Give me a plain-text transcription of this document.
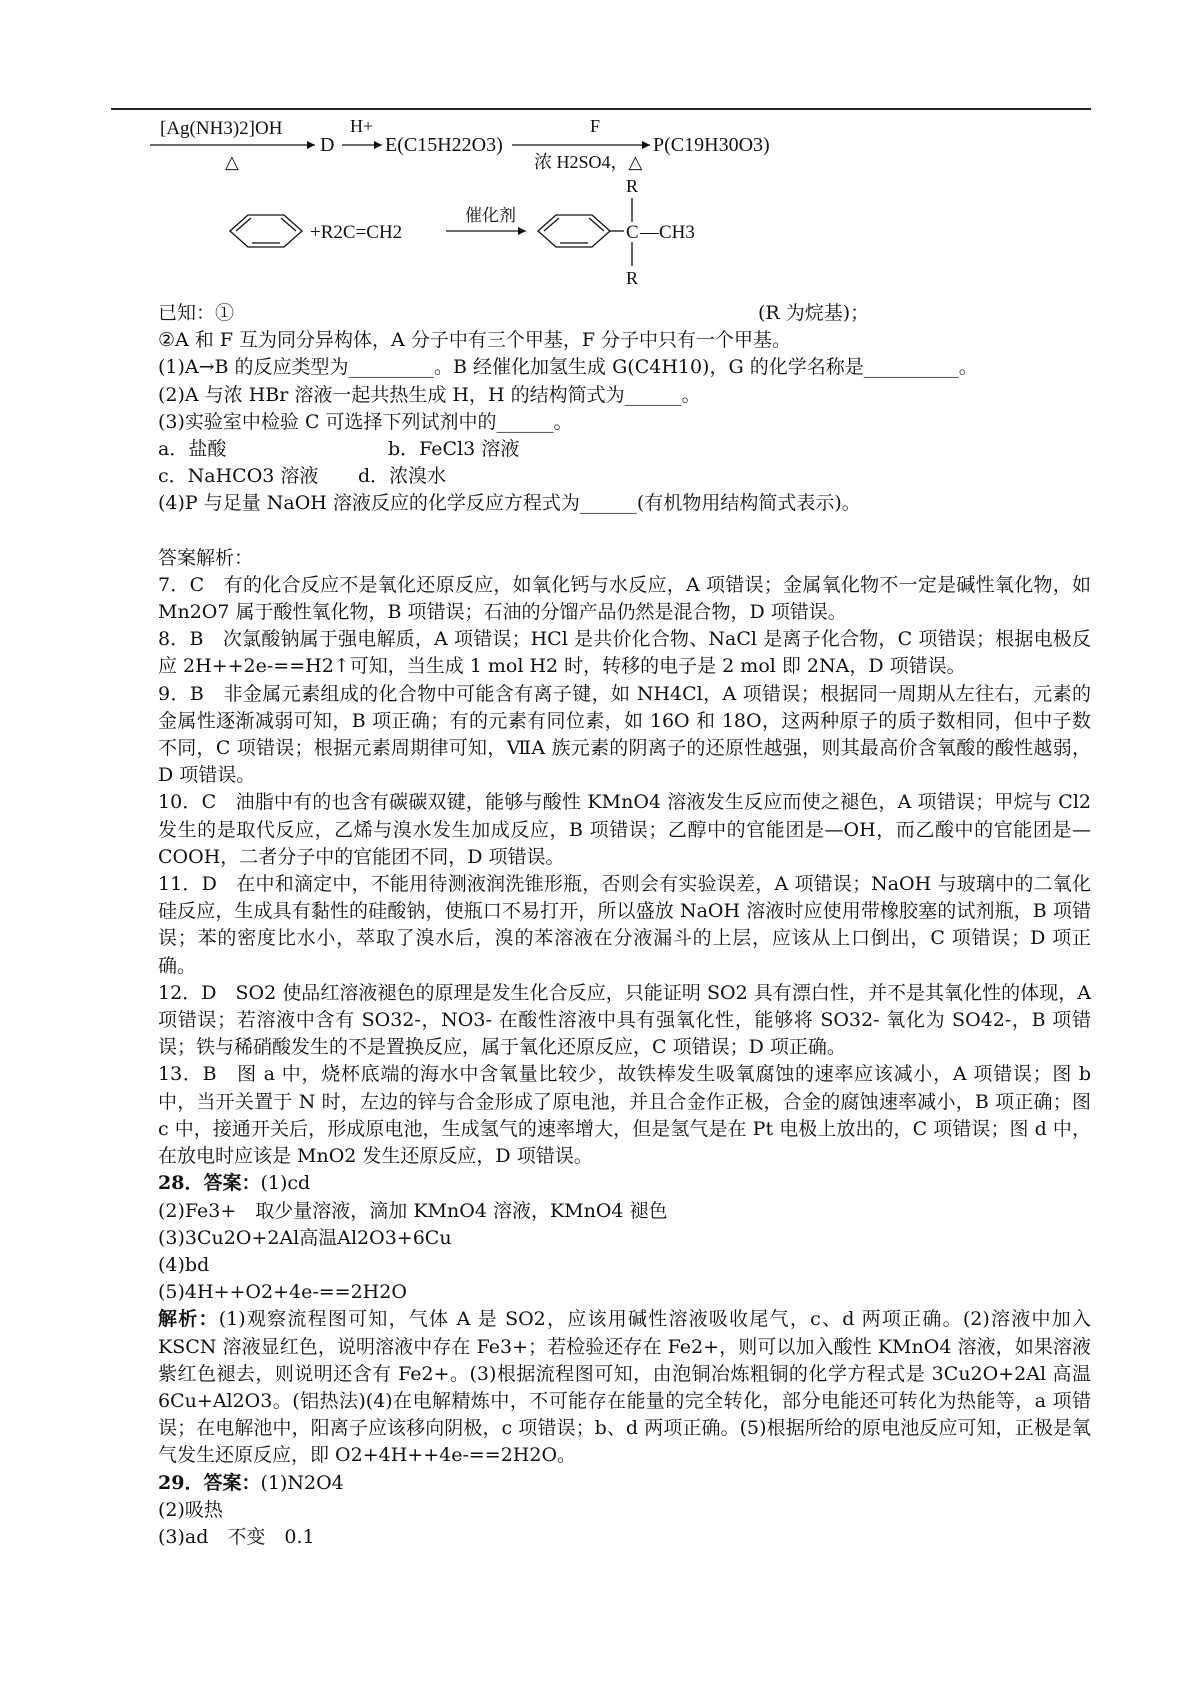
[Ag(NH3)2]OH
△
D
H+
E(C15H22O3)
F
浓 H2SO4，△
P(C19H30O3)
+R2C=CH2
催化剂
C
R
R
—CH3
已知：①	(R 为烷基)；
②A 和 F 互为同分异构体，A 分子中有三个甲基，F 分子中只有一个甲基。
(1)A→B 的反应类型为_________。B 经催化加氢生成 G(C4H10)，G 的化学名称是__________。
(2)A 与浓 HBr 溶液一起共热生成 H，H 的结构简式为______。
(3)实验室中检验 C 可选择下列试剂中的______。
a．盐酸	b．FeCl3 溶液
c．NaHCO3 溶液 d．浓溴水
(4)P 与足量 NaOH 溶液反应的化学反应方程式为______(有机物用结构简式表示)。
答案解析：
7．C　有的化合反应不是氧化还原反应，如氧化钙与水反应，A 项错误；金属氧化物不一定是碱性氧化物，如 Mn2O7 属于酸性氧化物，B 项错误；石油的分馏产品仍然是混合物，D 项错误。
8．B　次氯酸钠属于强电解质，A 项错误；HCl 是共价化合物、NaCl 是离子化合物，C 项错误；根据电极反应 2H++2e-==H2↑可知，当生成 1 mol H2 时，转移的电子是 2 mol 即 2NA，D 项错误。
9．B　非金属元素组成的化合物中可能含有离子键，如 NH4Cl，A 项错误；根据同一周期从左往右，元素的金属性逐渐减弱可知，B 项正确；有的元素有同位素，如 16O 和 18O，这两种原子的质子数相同，但中子数不同，C 项错误；根据元素周期律可知，ⅦA 族元素的阴离子的还原性越强，则其最高价含氧酸的酸性越弱，D 项错误。
10．C　油脂中有的也含有碳碳双键，能够与酸性 KMnO4 溶液发生反应而使之褪色，A 项错误；甲烷与 Cl2 发生的是取代反应，乙烯与溴水发生加成反应，B 项错误；乙醇中的官能团是—OH，而乙酸中的官能团是—COOH，二者分子中的官能团不同，D 项错误。
11．D　在中和滴定中，不能用待测液润洗锥形瓶，否则会有实验误差，A 项错误；NaOH 与玻璃中的二氧化硅反应，生成具有黏性的硅酸钠，使瓶口不易打开，所以盛放 NaOH 溶液时应使用带橡胶塞的试剂瓶，B 项错误；苯的密度比水小，萃取了溴水后，溴的苯溶液在分液漏斗的上层，应该从上口倒出，C 项错误；D 项正确。
12．D　SO2 使品红溶液褪色的原理是发生化合反应，只能证明 SO2 具有漂白性，并不是其氧化性的体现，A 项错误；若溶液中含有 SO32-，NO3- 在酸性溶液中具有强氧化性，能够将 SO32- 氧化为 SO42-，B 项错误；铁与稀硝酸发生的不是置换反应，属于氧化还原反应，C 项错误；D 项正确。
13．B　图 a 中，烧杯底端的海水中含氧量比较少，故铁棒发生吸氧腐蚀的速率应该减小，A 项错误；图 b 中，当开关置于 N 时，左边的锌与合金形成了原电池，并且合金作正极，合金的腐蚀速率减小，B 项正确；图 c 中，接通开关后，形成原电池，生成氢气的速率增大，但是氢气是在 Pt 电极上放出的，C 项错误；图 d 中，在放电时应该是 MnO2 发生还原反应，D 项错误。
28．答案：(1)cd
(2)Fe3+　取少量溶液，滴加 KMnO4 溶液，KMnO4 褪色
(3)3Cu2O+2Al高温Al2O3+6Cu
(4)bd
(5)4H++O2+4e-==2H2O
解析：(1)观察流程图可知，气体 A 是 SO2，应该用碱性溶液吸收尾气，c、d 两项正确。(2)溶液中加入 KSCN 溶液显红色，说明溶液中存在 Fe3+；若检验还存在 Fe2+，则可以加入酸性 KMnO4 溶液，如果溶液紫红色褪去，则说明还含有 Fe2+。(3)根据流程图可知，由泡铜冶炼粗铜的化学方程式是 3Cu2O+2Al 高温 6Cu+Al2O3。(铝热法)(4)在电解精炼中，不可能存在能量的完全转化，部分电能还可转化为热能等，a 项错误；在电解池中，阳离子应该移向阴极，c 项错误；b、d 两项正确。(5)根据所给的原电池反应可知，正极是氧气发生还原反应，即 O2+4H++4e-==2H2O。
29．答案：(1)N2O4
(2)吸热
(3)ad　不变　0.1
